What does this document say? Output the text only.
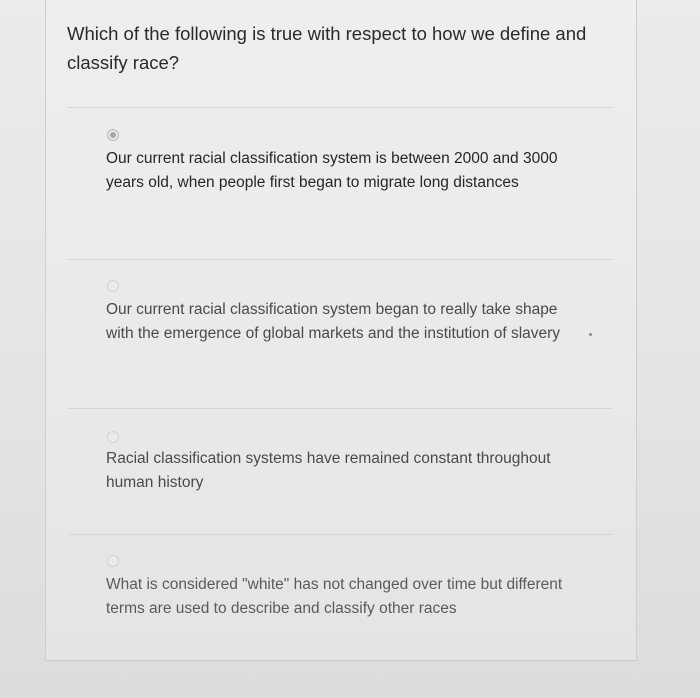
Which of the following is true with respect to how we define and classify race?

Our current racial classification system is between 2000 and 3000 years old, when people first began to migrate long distances

Our current racial classification system began to really take shape with the emergence of global markets and the institution of slavery

Racial classification systems have remained constant throughout human history

What is considered "white" has not changed over time but different terms are used to describe and classify other races
